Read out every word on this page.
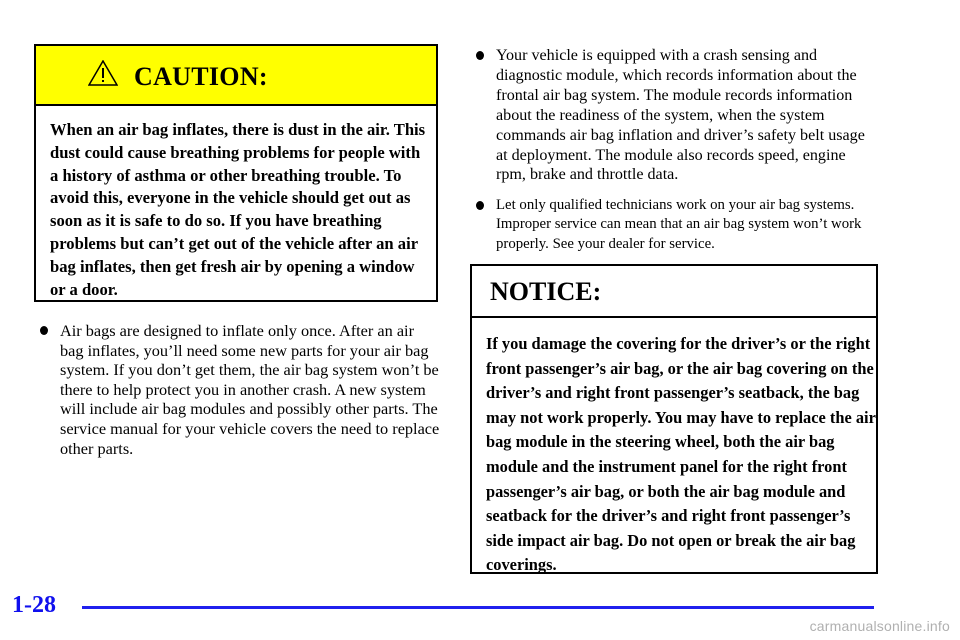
CAUTION:
When an air bag inflates, there is dust in the air. This dust could cause breathing problems for people with a history of asthma or other breathing trouble. To avoid this, everyone in the vehicle should get out as soon as it is safe to do so. If you have breathing problems but can’t get out of the vehicle after an air bag inflates, then get fresh air by opening a window or a door.
Air bags are designed to inflate only once. After an air bag inflates, you’ll need some new parts for your air bag system. If you don’t get them, the air bag system won’t be there to help protect you in another crash. A new system will include air bag modules and possibly other parts. The service manual for your vehicle covers the need to replace other parts.
Your vehicle is equipped with a crash sensing and diagnostic module, which records information about the frontal air bag system. The module records information about the readiness of the system, when the system commands air bag inflation and driver’s safety belt usage at deployment. The module also records speed, engine rpm, brake and throttle data.
Let only qualified technicians work on your air bag systems. Improper service can mean that an air bag system won’t work properly. See your dealer for service.
NOTICE:
If you damage the covering for the driver’s or the right front passenger’s air bag, or the air bag covering on the driver’s and right front passenger’s seatback, the bag may not work properly. You may have to replace the air bag module in the steering wheel, both the air bag module and the instrument panel for the right front passenger’s air bag, or both the air bag module and seatback for the driver’s and right front passenger’s side impact air bag. Do not open or break the air bag coverings.
1-28
carmanualsonline.info
